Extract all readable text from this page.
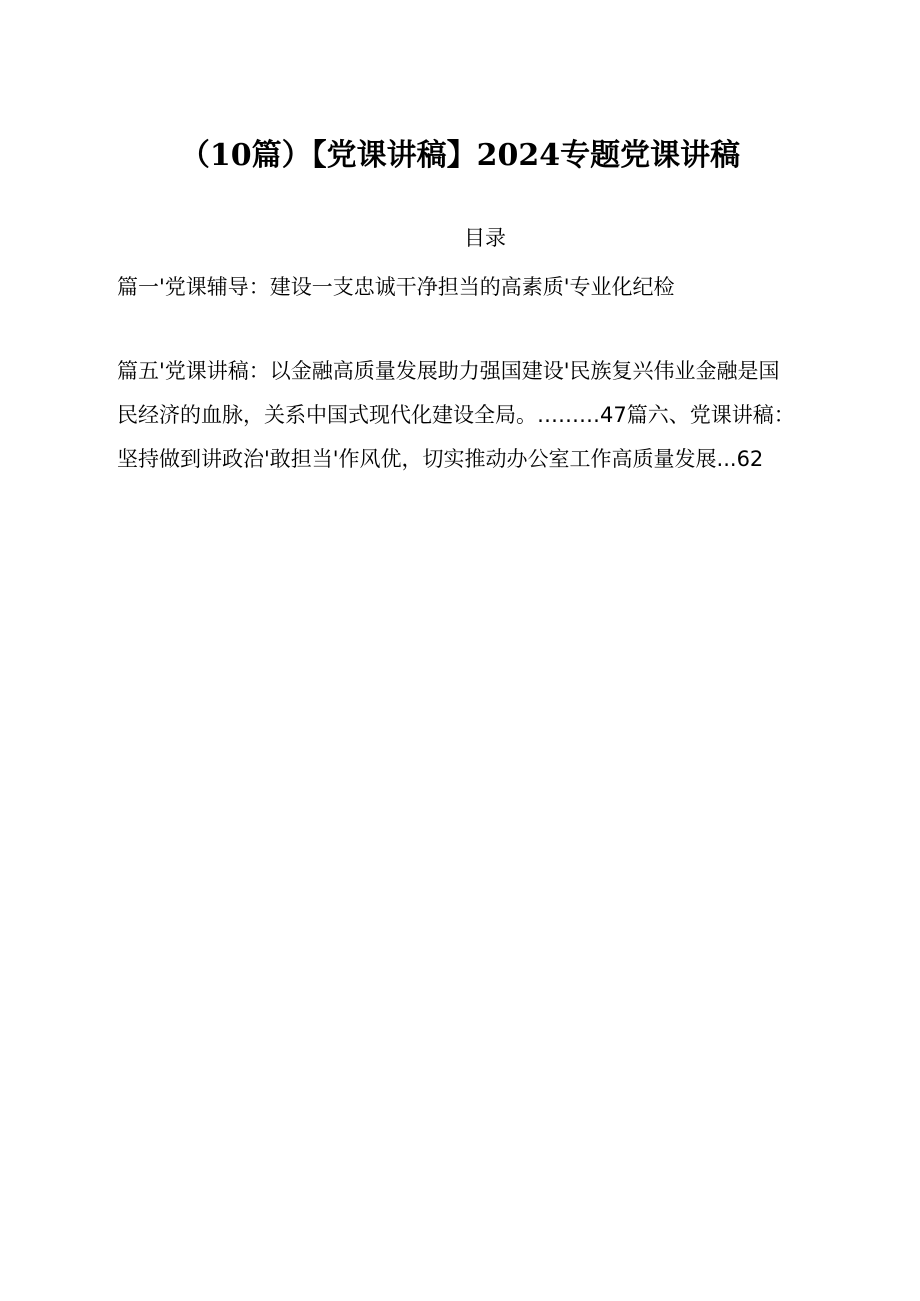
（10篇）【党课讲稿】2024专题党课讲稿
目录
篇一'党课辅导：建设一支忠诚干净担当的高素质'专业化纪检
篇五'党课讲稿：以金融高质量发展助力强国建设'民族复兴伟业金融是国
民经济的血脉，关系中国式现代化建设全局。………47篇六、党课讲稿：
坚持做到讲政治'敢担当'作风优，切实推动办公室工作高质量发展...62
